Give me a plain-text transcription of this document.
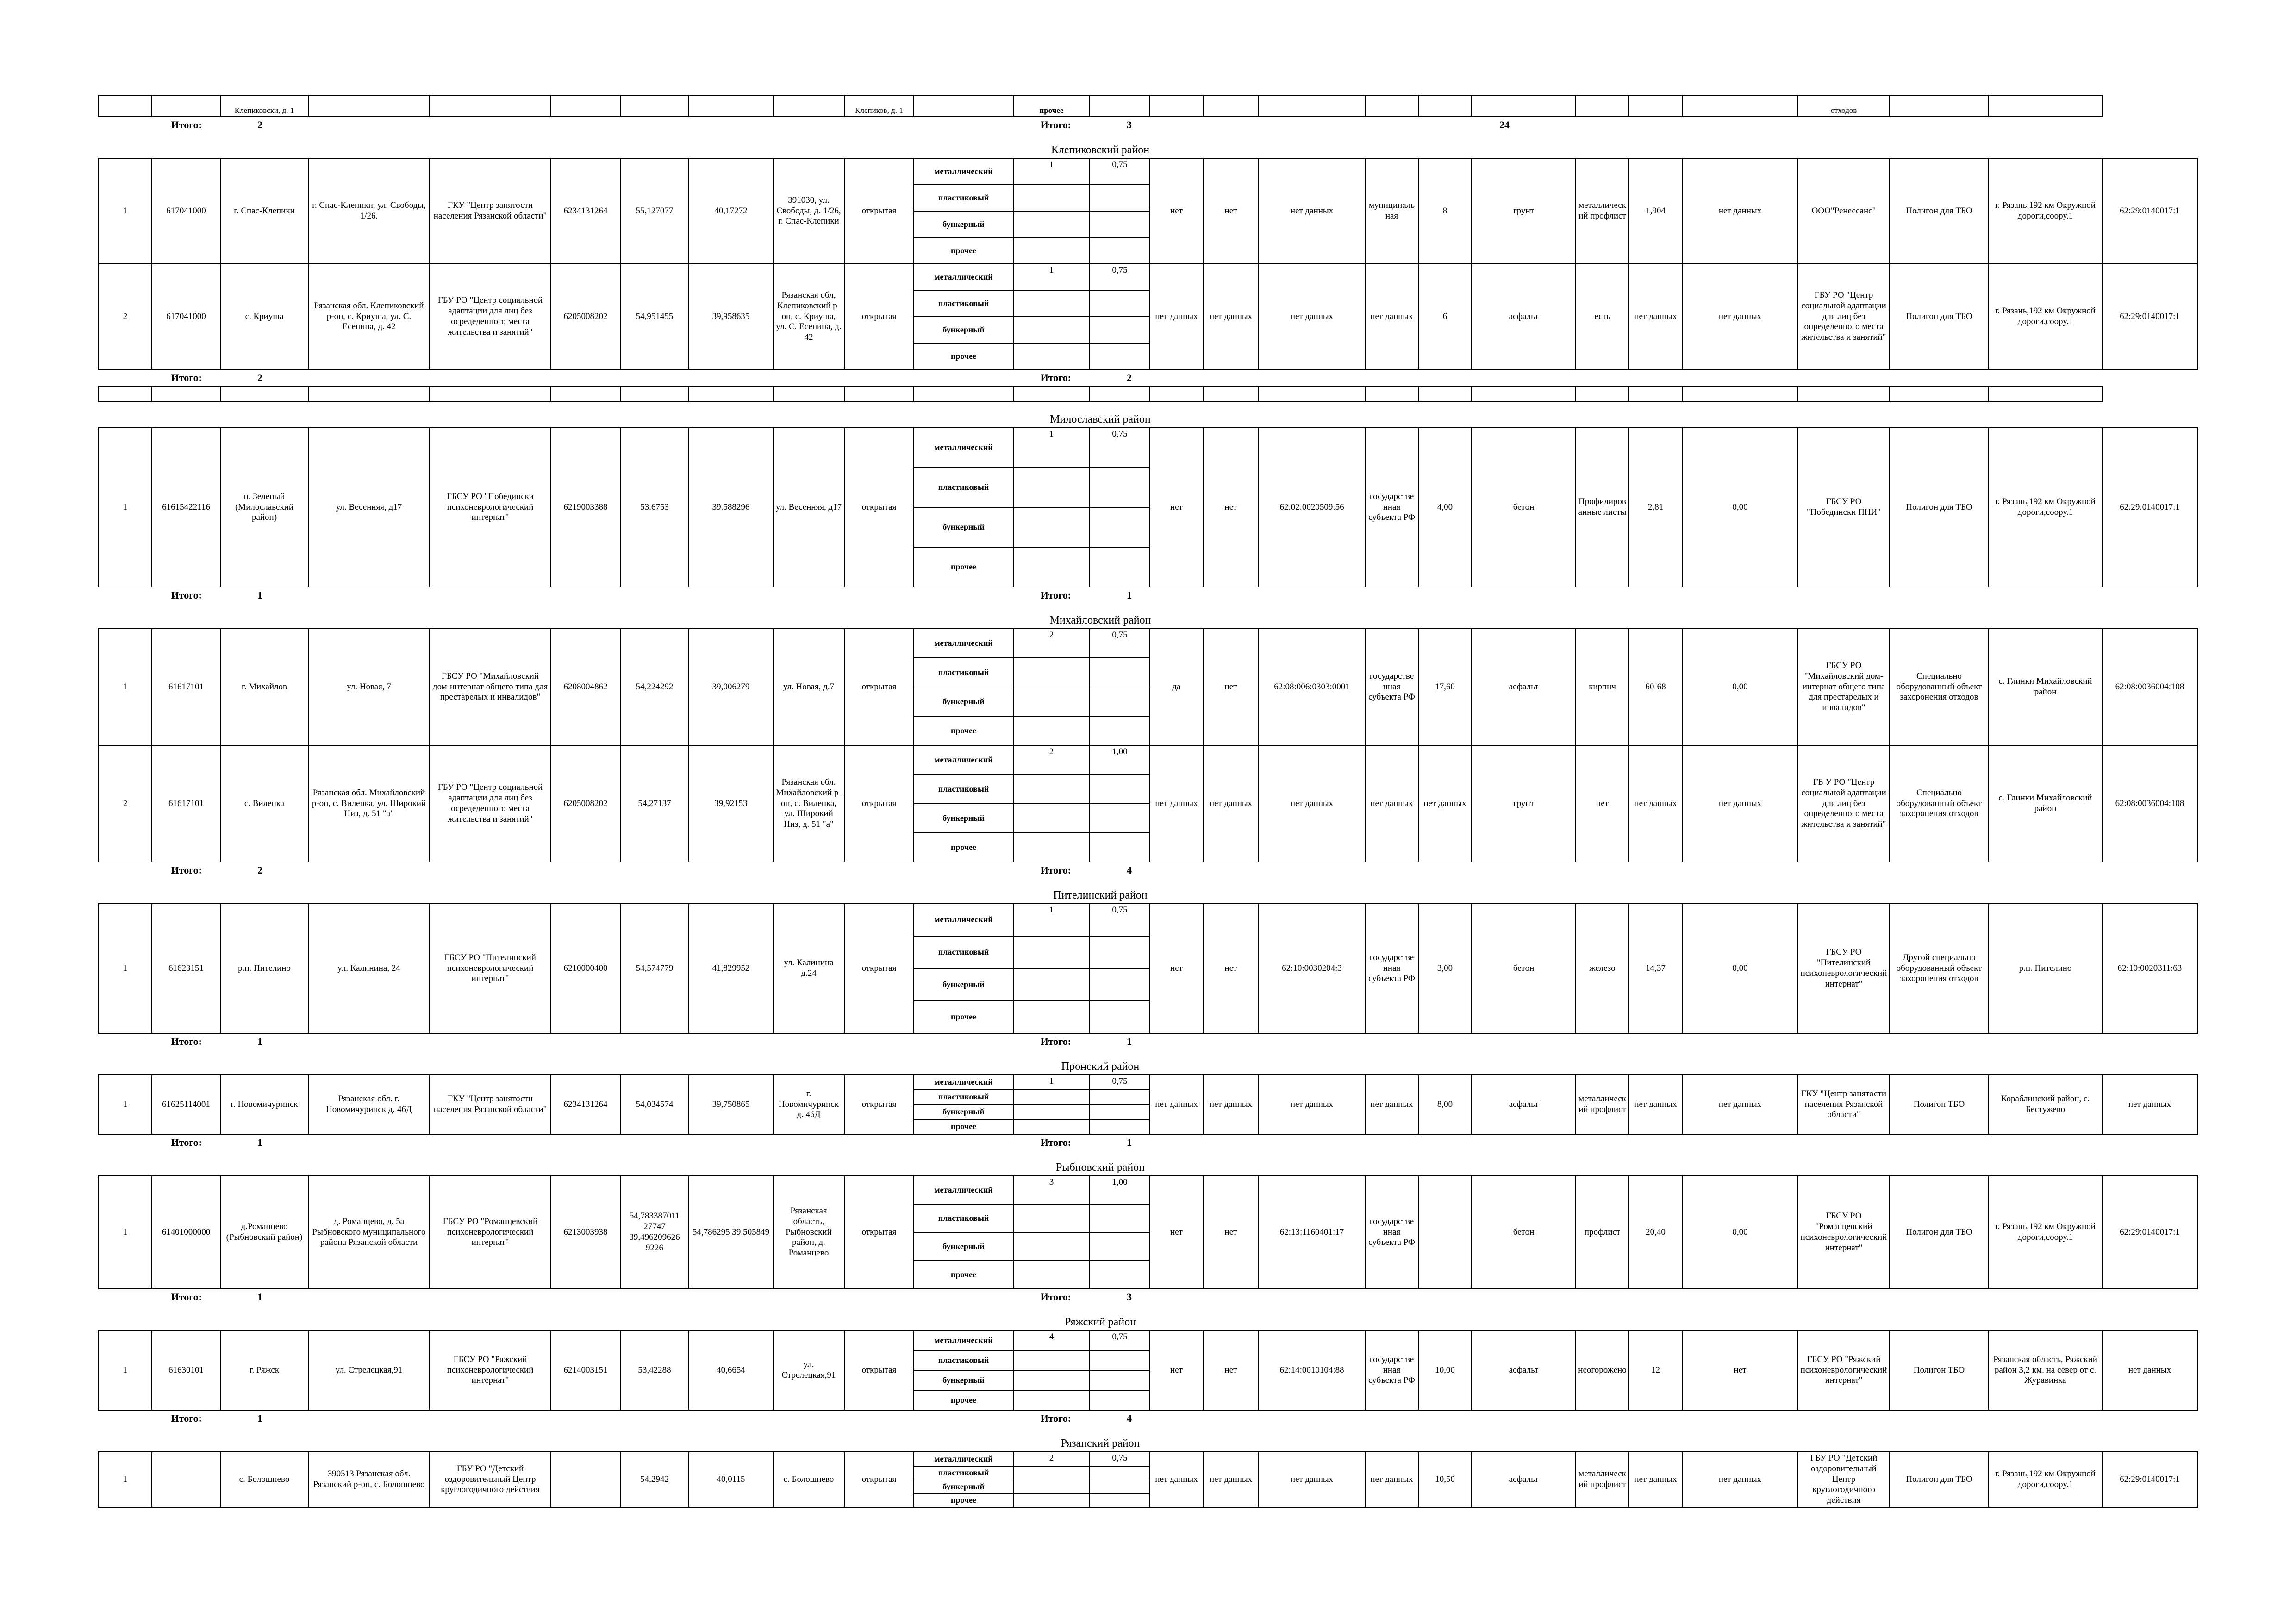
		Клепиковски, д. 1							Клепиков, д. 1		прочее											отходов			
Итого:		2									Итого:	3						24							
Клепиковский район																									
1	617041000	г. Спас-Клепики	г. Спас-Клепики, ул. Свободы, 1/26.	ГКУ "Центр занятости населения Рязанской области"	6234131264	55,127077	40,17272	391030, ул. Свободы, д. 1/26, г. Спас-Клепики	открытая	металлический	1	0,75	нет	нет	нет данных	муниципальная	8	грунт	металлический профлист	1,904	нет данных	ООО"Ренессанс"	Полигон для ТБО	г. Рязань,192 км Окружной дороги,соору.1	62:29:0140017:1
										пластиковый															
										бункерный															
										прочее															
2	617041000	с. Криуша	Рязанская обл. Клепиковский р-он, с. Криуша, ул. С. Есенина, д. 42	ГБУ РО "Центр социальной адаптации для лиц без осредеденного места жительства и занятий"	6205008202	54,951455	39,958635	Рязанская обл, Клепиковский р-он, с. Криуша, ул. С. Есенина, д. 42	открытая	металлический	1	0,75	нет данных	нет данных	нет данных	нет данных	6	асфальт	есть	нет данных	нет данных	ГБУ РО "Центр социальной адаптации для лиц без определенного места жительства и занятий"	Полигон для ТБО	г. Рязань,192 км Окружной дороги,соору.1	62:29:0140017:1
										пластиковый															
										бункерный															
										прочее															
Итого:		2									Итого:	2													

Милославский район																									
1	61615422116	п. Зеленый (Милославский район)	ул. Весенняя, д17	ГБСУ РО "Победински психоневрологический интернат"	6219003388	53.6753	39.588296	ул. Весенняя, д17	открытая	металлический	1	0,75	нет	нет	62:02:0020509:56	государственная субъекта РФ	4,00	бетон	Профилированные листы	2,81	0,00	ГБСУ РО "Победински ПНИ"	Полигон для ТБО	г. Рязань,192 км Окружной дороги,соору.1	62:29:0140017:1
										пластиковый															
										бункерный															
										прочее															
Итого:		1									Итого:	1													
Михайловский район																									
1	61617101	г. Михайлов	ул. Новая, 7	ГБСУ РО "Михайловский дом-интернат общего типа для престарелых и инвалидов"	6208004862	54,224292	39,006279	ул. Новая, д.7	открытая	металлический	2	0,75	да	нет	62:08:006:0303:0001	государственная субъекта РФ	17,60	асфальт	кирпич	60-68	0,00	ГБСУ РО "Михайловский дом-интернат общего типа для престарелых и инвалидов"	Специально оборудованный объект захоронения отходов	с. Глинки Михайловский район	62:08:0036004:108
										пластиковый															
										бункерный															
										прочее															
2	61617101	с. Виленка	Рязанская обл. Михайловский р-он, с. Виленка, ул. Широкий Низ, д. 51 "а"	ГБУ РО "Центр социальной адаптации для лиц без осредеденного места жительства и занятий"	6205008202	54,27137	39,92153	Рязанская обл. Михайловский р-он, с. Виленка, ул. Широкий Низ, д. 51 "а"	открытая	металлический	2	1,00	нет данных	нет данных	нет данных	нет данных	нет данных	грунт	нет	нет данных	нет данных	ГБ У РО "Центр социальной адаптации для лиц без определенного места жительства и занятий"	Специально оборудованный объект захоронения отходов	с. Глинки Михайловский район	62:08:0036004:108
										пластиковый															
										бункерный															
										прочее															
Итого:		2									Итого:	4													
Пителинский район																									
1	61623151	р.п. Пителино	ул. Калинина, 24	ГБСУ РО "Пителинский психоневрологический интернат"	6210000400	54,574779	41,829952	ул. Калинина д.24	открытая	металлический	1	0,75	нет	нет	62:10:0030204:3	государственная субъекта РФ	3,00	бетон	железо	14,37	0,00	ГБСУ РО "Пителинский психоневрологический интернат"	Другой специально оборудованный объект захоронения отходов	р.п. Пителино	62:10:0020311:63
										пластиковый															
										бункерный															
										прочее															
Итого:		1									Итого:	1													
Пронский район																									
1	61625114001	г. Новомичуринск	Рязанская обл. г. Новомичуринск д. 46Д	ГКУ "Центр занятости населения Рязанской области"	6234131264	54,034574	39,750865	г. Новомичуринск д. 46Д	открытая	металлический	1	0,75	нет данных	нет данных	нет данных	нет данных	8,00	асфальт	металлический профлист	нет данных	нет данных	ГКУ "Центр занятости населения Рязанской области"	Полигон ТБО	Кораблинский район, с. Бестужево	нет данных
										пластиковый															
										бункерный															
										прочее															
Итого:		1									Итого:	1													
Рыбновский район																									
1	61401000000	д.Романцево (Рыбновский район)	д. Романцево, д. 5а Рыбновского муниципального района Рязанской области	ГБСУ РО "Романцевский психоневрологический интернат"	6213003938	54,783387011 27747 39,496209626 9226	54,786295 39.505849	Рязанская область, Рыбновский район, д. Романцево	открытая	металлический	3	1,00	нет	нет	62:13:1160401:17	государственная субъекта РФ		бетон	профлист	20,40	0,00	ГБСУ РО "Романцевский психоневрологический интернат"	Полигон для ТБО	г. Рязань,192 км Окружной дороги,соору.1	62:29:0140017:1
										пластиковый															
										бункерный															
										прочее															
Итого:		1									Итого:	3													
Ряжский район																									
1	61630101	г. Ряжск	ул. Стрелецкая,91	ГБСУ РО "Ряжский психоневрологический интернат"	6214003151	53,42288	40,6654	ул. Стрелецкая,91	открытая	металлический	4	0,75	нет	нет	62:14:0010104:88	государственная субъекта РФ	10,00	асфальт	неогорожено	12	нет	ГБСУ РО "Ряжский психоневрологический интернат"	Полигон ТБО	Рязанская область, Ряжский район 3,2 км. на север от с. Журавинка	нет данных
										пластиковый															
										бункерный															
										прочее															
Итого:		1									Итого:	4													
Рязанский район																									
1		с. Болошнево	390513 Рязанская обл. Рязанский р-он, с. Болошнево	ГБУ РО "Детский оздоровительный Центр круглогодичного действия		54,2942	40,0115	с. Болошнево	открытая	металлический	2	0,75	нет данных	нет данных	нет данных	нет данных	10,50	асфальт	металлический профлист	нет данных	нет данных	ГБУ РО "Детский оздоровительный Центр круглогодичного действия	Полигон для ТБО	г. Рязань,192 км Окружной дороги,соору.1	62:29:0140017:1
										пластиковый															
										бункерный															
										прочее															
